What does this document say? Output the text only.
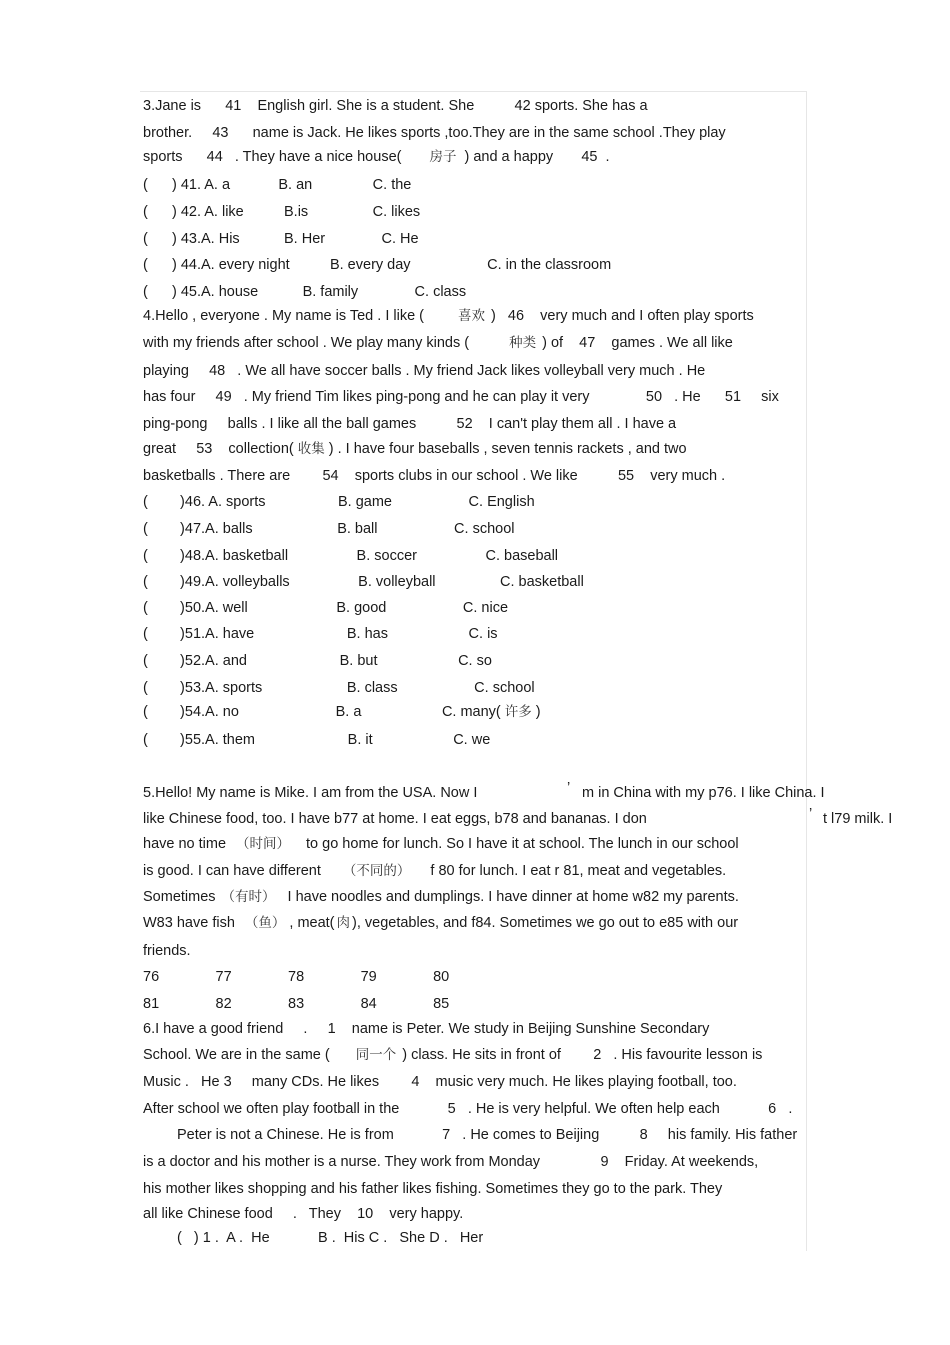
3.Jane is      41    English girl. She is a student. She          42 sports. She has a
brother.     43      name is Jack. He likes sports ,too.They are in the same school .They play
sports      44   . They have a nice house( 房子 ) and a happy       45  .
(      ) 41. A. a            B. an               C. the
(      ) 42. A. like          B.is                C. likes
(      ) 43.A. His           B. Her              C. He
(      ) 44.A. every night          B. every day                   C. in the classroom
(      ) 45.A. house           B. family              C. class
4.Hello , everyone . My name is Ted . I like (	喜欢 )   46    very much and I often play sports
with my friends after school . We play many kinds (	种类 ) of    47    games . We all like
playing     48   . We all have soccer balls . My friend Jack likes volleyball very much . He
has four     49   . My friend Tim likes ping-pong and he can play it very              50   . He      51     six
ping-pong     balls . I like all the ball games          52    I can't play them all . I have a
great     53    collection( 收集 ) . I have four baseballs , seven tennis rackets , and two
basketballs . There are        54    sports clubs in our school . We like          55    very much .
(        )46. A. sports                  B. game                   C. English
(        )47.A. balls                     B. ball                   C. school
(        )48.A. basketball                 B. soccer                 C. baseball
(        )49.A. volleyballs                 B. volleyball                C. basketball
(        )50.A. well                      B. good                   C. nice
(        )51.A. have                       B. has                    C. is
(        )52.A. and                       B. but                    C. so
(        )53.A. sports                     B. class                   C. school
(        )54.A. no                        B. a                    C. many( 许多 )
(        )55.A. them                       B. it                    C. we
5.Hello! My name is Mike. I am from the USA. Now I	’ m in China with my p76. I like China. I
like Chinese food, too. I have b77 at home. I eat eggs, b78 and bananas. I don	’ t l79 milk. I
have no time （时间） to go home for lunch. So I have it at school. The lunch in our school
is good. I can have different （不同的） f 80 for lunch. I eat r 81, meat and vegetables.
Sometimes （有时） I have noodles and dumplings. I have dinner at home w82 my parents.
W83 have fish （鱼） , meat( 肉 ), vegetables, and f84. Sometimes we go out to e85 with our
friends.
76              77              78              79              80
81              82              83              84              85
6.I have a good friend     .     1    name is Peter. We study in Beijing Sunshine Secondary
School. We are in the same ( 同一个 ) class. He sits in front of        2   . His favourite lesson is
Music .   He 3     many CDs. He likes        4    music very much. He likes playing football, too.
After school we often play football in the            5   . He is very helpful. We often help each            6   .
Peter is not a Chinese. He is from            7   . He comes to Beijing          8     his family. His father
is a doctor and his mother is a nurse. They work from Monday               9    Friday. At weekends,
his mother likes shopping and his father likes fishing. Sometimes they go to the park. They
all like Chinese food     .   They    10    very happy.
(   ) 1 .  A .  He            B .  His C .   She D .   Her
